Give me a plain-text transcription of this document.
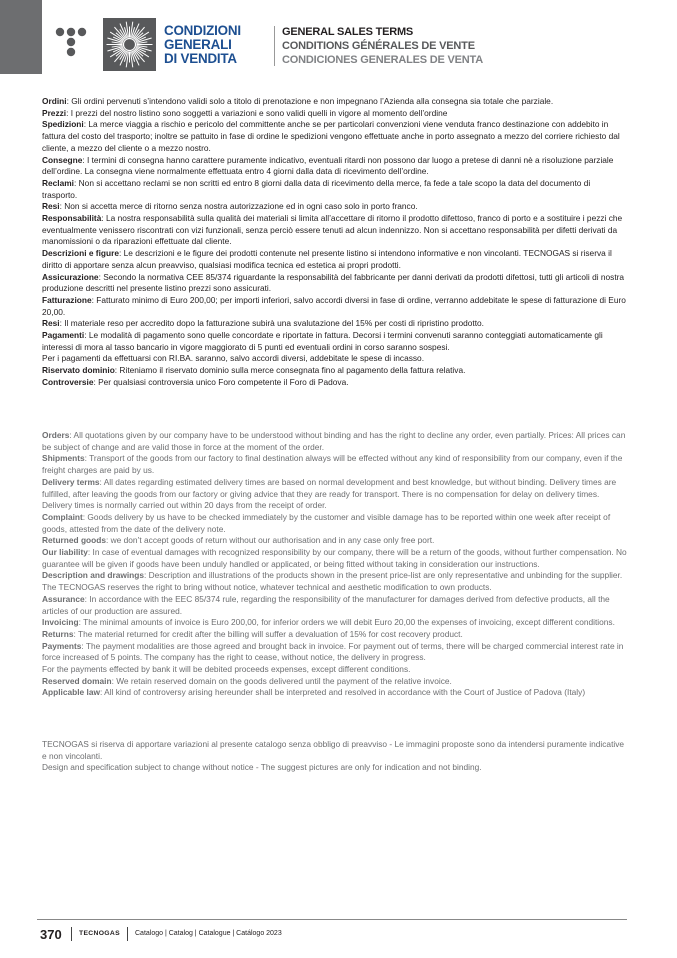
CONDIZIONI
GENERALI
DI VENDITA
GENERAL SALES TERMS
CONDITIONS GÉNÉRALES DE VENTE
CONDICIONES GENERALES DE VENTA

Ordini: Gli ordini pervenuti s’intendono validi solo a titolo di prenotazione e non impegnano l’Azienda alla consegna sia totale che parziale.

Prezzi: I prezzi del nostro listino sono soggetti a variazioni e sono validi quelli in vigore al momento dell’ordine

Spedizioni: La merce viaggia a rischio e pericolo del committente anche se per particolari convenzioni viene venduta franco destinazione con addebito in fattura del costo del trasporto; inoltre se pattuito in fase di ordine le spedizioni vengono effettuate anche in porto assegnato a mezzo del corriere richiesto dal cliente, a mezzo del cliente o a mezzo nostro.

Consegne: I termini di consegna hanno carattere puramente indicativo, eventuali ritardi non possono dar luogo a pretese di danni nè a risoluzione parziale dell’ordine. La consegna viene normalmente effettuata entro 4 giorni dalla data di ricevimento dell’ordine.

Reclami: Non si accettano reclami se non scritti ed entro 8 giorni dalla data di ricevimento della merce, fa fede a tale scopo la data del documento di trasporto.

Resi: Non si accetta merce di ritorno senza nostra autorizzazione ed in ogni caso solo in porto franco.

Responsabilità: La nostra responsabilità sulla qualità dei materiali si limita all’accettare di ritorno il prodotto difettoso, franco di porto e a sostituire i pezzi che eventualmente venissero riscontrati con vizi funzionali, senza perciò essere tenuti ad alcun indennizzo. Non si accettano responsabilità per difetti derivati da manomissioni o da riparazioni effettuate dal cliente.

Descrizioni e figure: Le descrizioni e le figure dei prodotti contenute nel presente listino si intendono informative e non vincolanti. TECNOGAS si riserva il diritto di apportare senza alcun preavviso, qualsiasi modifica tecnica ed estetica ai propri prodotti.

Assicurazione: Secondo la normativa CEE 85/374 riguardante la responsabilità del fabbricante per danni derivati da prodotti difettosi, tutti gli articoli di nostra produzione descritti nel presente listino prezzi sono assicurati.

Fatturazione: Fatturato minimo di Euro 200,00; per importi inferiori, salvo accordi diversi in fase di ordine, verranno addebitate le spese di fatturazione di Euro 20,00.

Resi: Il materiale reso per accredito dopo la fatturazione subirà una svalutazione del 15% per costi di ripristino prodotto.

Pagamenti: Le modalità di pagamento sono quelle concordate e riportate in fattura. Decorsi i termini convenuti saranno conteggiati automaticamente gli interessi di mora al tasso bancario in vigore maggiorato di 5 punti ed eventuali ordini in corso saranno sospesi.

Per i pagamenti da effettuarsi con RI.BA. saranno, salvo accordi diversi, addebitate le spese di incasso.

Riservato dominio: Riteniamo il riservato dominio sulla merce consegnata fino al pagamento della fattura relativa.

Controversie: Per qualsiasi controversia unico Foro competente il Foro di Padova.

Orders: All quotations given by our company have to be understood without binding and has the right to decline any order, even partially. Prices: All prices can be subject of change and are valid those in force at the moment of the order.

Shipments: Transport of the goods from our factory to final destination always will be effected without any kind of responsibility from our company, even if the freight charges are paid by us.

Delivery terms: All dates regarding estimated delivery times are based on normal development and best knowledge, but without binding. Delivery times are fulfilled, after leaving the goods from our factory or giving advice that they are ready for transport. There is no compensation for delay on delivery times. Delivery times is normally carried out within 20 days from the receipt of order.

Complaint: Goods delivery by us have to be checked immediately by the customer and visible damage has to be reported within one week after receipt of goods, attested from the date of the delivery note.

Returned goods: we don’t accept goods of return without our authorisation and in any case only free port.

Our liability: In case of eventual damages with recognized responsibility by our company, there will be a return of the goods, without further compensation. No guarantee will be given if goods have been unduly handled or applicated, or being fitted without taking in consideration our instructions.

Description and drawings: Description and illustrations of the products shown in the present price-list are only representative and unbinding for the supplier. The TECNOGAS reserves the right to bring without notice, whatever technical and aesthetic modification to own products.

Assurance: In accordance with the EEC 85/374 rule, regarding the responsibility of the manufacturer for damages derived from defective products, all the articles of our production are assured.

Invoicing: The minimal amounts of invoice is Euro 200,00, for inferior orders we will debit Euro 20,00 the expenses of invoicing, except different conditions.

Returns: The material returned for credit after the billing will suffer a devaluation of 15% for cost recovery product.

Payments: The payment modalities are those agreed and brought back in invoice. For payment out of terms, there will be charged commercial interest rate in force increased of 5 points. The company has the right to cease, without notice, the delivery in progress.

For the payments effected by bank it will be debited proceeds expenses, except different conditions.

Reserved domain: We retain reserved domain on the goods delivered until the payment of the relative invoice.

Applicable law: All kind of controversy arising hereunder shall be interpreted and resolved in accordance with the Court of Justice of Padova (Italy)

TECNOGAS si riserva di apportare variazioni al presente catalogo senza obbligo di preavviso - Le immagini proposte sono da intendersi puramente indicative e non vincolanti.

Design and specification subject to change without notice - The suggest pictures are only for indication and not binding.

370	TECNOGAS Catalogo | Catalog | Catalogue | Catálogo 2023
